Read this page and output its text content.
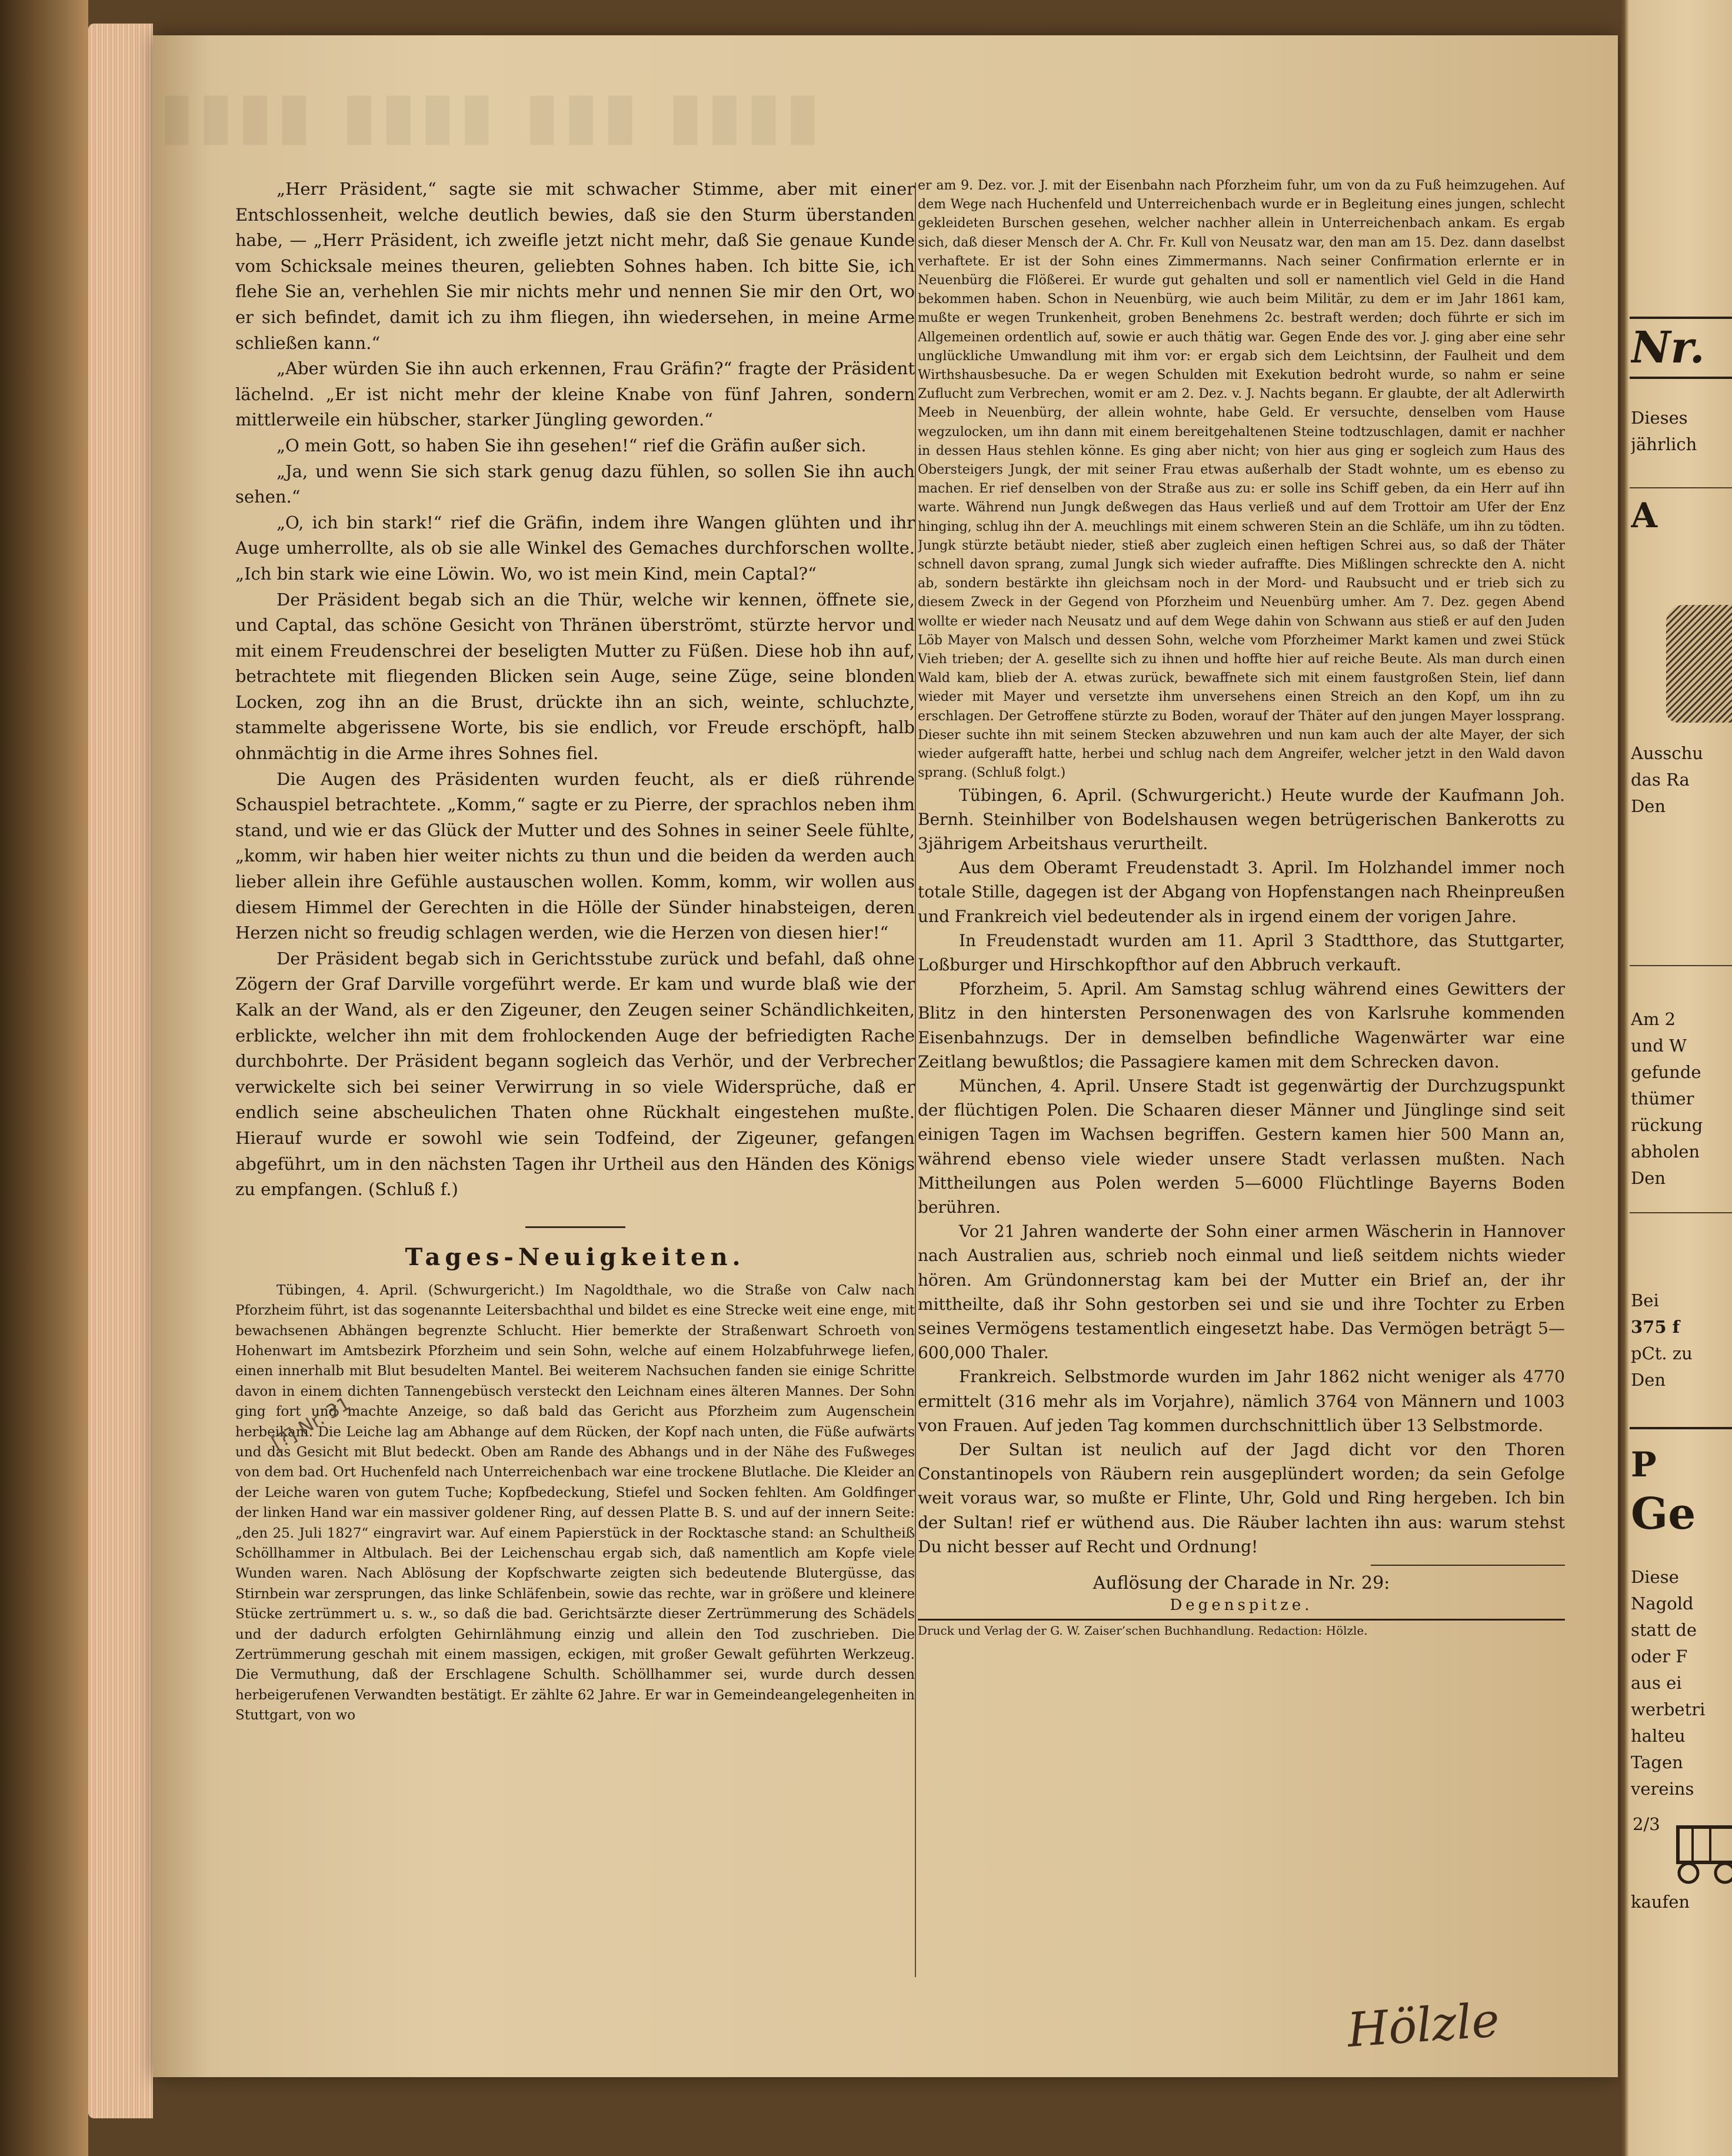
▮▮▮▮ ▮▮▮▮ ▮▮▮ ▮▮▮▮

„Herr Präsident,“ sagte sie mit schwacher Stimme, aber mit einer Entschlossenheit, welche deutlich bewies, daß sie den Sturm überstanden habe, — „Herr Präsident, ich zweifle jetzt nicht mehr, daß Sie genaue Kunde vom Schicksale meines theuren, geliebten Sohnes haben. Ich bitte Sie, ich flehe Sie an, verhehlen Sie mir nichts mehr und nennen Sie mir den Ort, wo er sich befindet, damit ich zu ihm fliegen, ihn wiedersehen, in meine Arme schließen kann.“

„Aber würden Sie ihn auch erkennen, Frau Gräfin?“ fragte der Präsident lächelnd. „Er ist nicht mehr der kleine Knabe von fünf Jahren, sondern mittlerweile ein hübscher, starker Jüngling geworden.“

„O mein Gott, so haben Sie ihn gesehen!“ rief die Gräfin außer sich.

„Ja, und wenn Sie sich stark genug dazu fühlen, so sollen Sie ihn auch sehen.“

„O, ich bin stark!“ rief die Gräfin, indem ihre Wangen glühten und ihr Auge umherrollte, als ob sie alle Winkel des Gemaches durchforschen wollte. „Ich bin stark wie eine Löwin. Wo, wo ist mein Kind, mein Captal?“

Der Präsident begab sich an die Thür, welche wir kennen, öffnete sie, und Captal, das schöne Gesicht von Thränen überströmt, stürzte hervor und mit einem Freudenschrei der beseligten Mutter zu Füßen. Diese hob ihn auf, betrachtete mit fliegenden Blicken sein Auge, seine Züge, seine blonden Locken, zog ihn an die Brust, drückte ihn an sich, weinte, schluchzte, stammelte abgerissene Worte, bis sie endlich, vor Freude erschöpft, halb ohnmächtig in die Arme ihres Sohnes fiel.

Die Augen des Präsidenten wurden feucht, als er dieß rührende Schauspiel betrachtete. „Komm,“ sagte er zu Pierre, der sprachlos neben ihm stand, und wie er das Glück der Mutter und des Sohnes in seiner Seele fühlte, „komm, wir haben hier weiter nichts zu thun und die beiden da werden auch lieber allein ihre Gefühle austauschen wollen. Komm, komm, wir wollen aus diesem Himmel der Gerechten in die Hölle der Sünder hinabsteigen, deren Herzen nicht so freudig schlagen werden, wie die Herzen von diesen hier!“

Der Präsident begab sich in Gerichtsstube zurück und befahl, daß ohne Zögern der Graf Darville vorgeführt werde. Er kam und wurde blaß wie der Kalk an der Wand, als er den Zigeuner, den Zeugen seiner Schändlichkeiten, erblickte, welcher ihn mit dem frohlockenden Auge der befriedigten Rache durchbohrte. Der Präsident begann sogleich das Verhör, und der Verbrecher verwickelte sich bei seiner Verwirrung in so viele Widersprüche, daß er endlich seine abscheulichen Thaten ohne Rückhalt eingestehen mußte. Hierauf wurde er sowohl wie sein Todfeind, der Zigeuner, gefangen abgeführt, um in den nächsten Tagen ihr Urtheil aus den Händen des Königs zu empfangen. (Schluß f.)

Tages-Neuigkeiten.

Tübingen, 4. April. (Schwurgericht.) Im Nagoldthale, wo die Straße von Calw nach Pforzheim führt, ist das sogenannte Leitersbachthal und bildet es eine Strecke weit eine enge, mit bewachsenen Abhängen begrenzte Schlucht. Hier bemerkte der Straßenwart Schroeth von Hohenwart im Amtsbezirk Pforzheim und sein Sohn, welche auf einem Holzabfuhrwege liefen, einen innerhalb mit Blut besudelten Mantel. Bei weiterem Nachsuchen fanden sie einige Schritte davon in einem dichten Tannengebüsch versteckt den Leichnam eines älteren Mannes. Der Sohn ging fort und machte Anzeige, so daß bald das Gericht aus Pforzheim zum Augenschein herbeikam. Die Leiche lag am Abhange auf dem Rücken, der Kopf nach unten, die Füße aufwärts und das Gesicht mit Blut bedeckt. Oben am Rande des Abhangs und in der Nähe des Fußweges von dem bad. Ort Huchenfeld nach Unterreichenbach war eine trockene Blutlache. Die Kleider an der Leiche waren von gutem Tuche; Kopfbedeckung, Stiefel und Socken fehlten. Am Goldfinger der linken Hand war ein massiver goldener Ring, auf dessen Platte B. S. und auf der innern Seite: „den 25. Juli 1827“ eingravirt war. Auf einem Papierstück in der Rocktasche stand: an Schultheiß Schöllhammer in Altbulach. Bei der Leichenschau ergab sich, daß namentlich am Kopfe viele Wunden waren. Nach Ablösung der Kopfschwarte zeigten sich bedeutende Blutergüsse, das Stirnbein war zersprungen, das linke Schläfenbein, sowie das rechte, war in größere und kleinere Stücke zertrümmert u. s. w., so daß die bad. Gerichtsärzte dieser Zertrümmerung des Schädels und der dadurch erfolgten Gehirnlähmung einzig und allein den Tod zuschrieben. Die Zertrümmerung geschah mit einem massigen, eckigen, mit großer Gewalt geführten Werkzeug. Die Vermuthung, daß der Erschlagene Schulth. Schöllhammer sei, wurde durch dessen herbeigerufenen Verwandten bestätigt. Er zählte 62 Jahre. Er war in Gemeindeangelegenheiten in Stuttgart, von wo

er am 9. Dez. vor. J. mit der Eisenbahn nach Pforzheim fuhr, um von da zu Fuß heimzugehen. Auf dem Wege nach Huchenfeld und Unterreichenbach wurde er in Begleitung eines jungen, schlecht gekleideten Burschen gesehen, welcher nachher allein in Unterreichenbach ankam. Es ergab sich, daß dieser Mensch der A. Chr. Fr. Kull von Neusatz war, den man am 15. Dez. dann daselbst verhaftete. Er ist der Sohn eines Zimmermanns. Nach seiner Confirmation erlernte er in Neuenbürg die Flößerei. Er wurde gut gehalten und soll er namentlich viel Geld in die Hand bekommen haben. Schon in Neuenbürg, wie auch beim Militär, zu dem er im Jahr 1861 kam, mußte er wegen Trunkenheit, groben Benehmens 2c. bestraft werden; doch führte er sich im Allgemeinen ordentlich auf, sowie er auch thätig war. Gegen Ende des vor. J. ging aber eine sehr unglückliche Umwandlung mit ihm vor: er ergab sich dem Leichtsinn, der Faulheit und dem Wirthshausbesuche. Da er wegen Schulden mit Exekution bedroht wurde, so nahm er seine Zuflucht zum Verbrechen, womit er am 2. Dez. v. J. Nachts begann. Er glaubte, der alt Adlerwirth Meeb in Neuenbürg, der allein wohnte, habe Geld. Er versuchte, denselben vom Hause wegzulocken, um ihn dann mit einem bereitgehaltenen Steine todtzuschlagen, damit er nachher in dessen Haus stehlen könne. Es ging aber nicht; von hier aus ging er sogleich zum Haus des Obersteigers Jungk, der mit seiner Frau etwas außerhalb der Stadt wohnte, um es ebenso zu machen. Er rief denselben von der Straße aus zu: er solle ins Schiff geben, da ein Herr auf ihn warte. Während nun Jungk deßwegen das Haus verließ und auf dem Trottoir am Ufer der Enz hinging, schlug ihn der A. meuchlings mit einem schweren Stein an die Schläfe, um ihn zu tödten. Jungk stürzte betäubt nieder, stieß aber zugleich einen heftigen Schrei aus, so daß der Thäter schnell davon sprang, zumal Jungk sich wieder aufraffte. Dies Mißlingen schreckte den A. nicht ab, sondern bestärkte ihn gleichsam noch in der Mord- und Raubsucht und er trieb sich zu diesem Zweck in der Gegend von Pforzheim und Neuenbürg umher. Am 7. Dez. gegen Abend wollte er wieder nach Neusatz und auf dem Wege dahin von Schwann aus stieß er auf den Juden Löb Mayer von Malsch und dessen Sohn, welche vom Pforzheimer Markt kamen und zwei Stück Vieh trieben; der A. gesellte sich zu ihnen und hoffte hier auf reiche Beute. Als man durch einen Wald kam, blieb der A. etwas zurück, bewaffnete sich mit einem faustgroßen Stein, lief dann wieder mit Mayer und versetzte ihm unversehens einen Streich an den Kopf, um ihn zu erschlagen. Der Getroffene stürzte zu Boden, worauf der Thäter auf den jungen Mayer lossprang. Dieser suchte ihn mit seinem Stecken abzuwehren und nun kam auch der alte Mayer, der sich wieder aufgerafft hatte, herbei und schlug nach dem Angreifer, welcher jetzt in den Wald davon sprang. (Schluß folgt.)

Tübingen, 6. April. (Schwurgericht.) Heute wurde der Kaufmann Joh. Bernh. Steinhilber von Bodelshausen wegen betrügerischen Bankerotts zu 3jährigem Arbeitshaus verurtheilt.

Aus dem Oberamt Freudenstadt 3. April. Im Holzhandel immer noch totale Stille, dagegen ist der Abgang von Hopfenstangen nach Rheinpreußen und Frankreich viel bedeutender als in irgend einem der vorigen Jahre.

In Freudenstadt wurden am 11. April 3 Stadtthore, das Stuttgarter, Loßburger und Hirschkopfthor auf den Abbruch verkauft.

Pforzheim, 5. April. Am Samstag schlug während eines Gewitters der Blitz in den hintersten Personenwagen des von Karlsruhe kommenden Eisenbahnzugs. Der in demselben befindliche Wagenwärter war eine Zeitlang bewußtlos; die Passagiere kamen mit dem Schrecken davon.

München, 4. April. Unsere Stadt ist gegenwärtig der Durchzugspunkt der flüchtigen Polen. Die Schaaren dieser Männer und Jünglinge sind seit einigen Tagen im Wachsen begriffen. Gestern kamen hier 500 Mann an, während ebenso viele wieder unsere Stadt verlassen mußten. Nach Mittheilungen aus Polen werden 5—6000 Flüchtlinge Bayerns Boden berühren.

Vor 21 Jahren wanderte der Sohn einer armen Wäscherin in Hannover nach Australien aus, schrieb noch einmal und ließ seitdem nichts wieder hören. Am Gründonnerstag kam bei der Mutter ein Brief an, der ihr mittheilte, daß ihr Sohn gestorben sei und sie und ihre Tochter zu Erben seines Vermögens testamentlich eingesetzt habe. Das Vermögen beträgt 5—600,000 Thaler.

Frankreich. Selbstmorde wurden im Jahr 1862 nicht weniger als 4770 ermittelt (316 mehr als im Vorjahre), nämlich 3764 von Männern und 1003 von Frauen. Auf jeden Tag kommen durchschnittlich über 13 Selbstmorde.

Der Sultan ist neulich auf der Jagd dicht vor den Thoren Constantinopels von Räubern rein ausgeplündert worden; da sein Gefolge weit voraus war, so mußte er Flinte, Uhr, Gold und Ring hergeben. Ich bin der Sultan! rief er wüthend aus. Die Räuber lachten ihn aus: warum stehst Du nicht besser auf Recht und Ordnung!

Auflösung der Charade in Nr. 29:

Degenspitze.

Druck und Verlag der G. W. Zaiser’schen Buchhandlung. Redaction: Hölzle.

[?] Nr. 31
Hölzle
Nr.
Dieses
jährlich
A
Ausschu
das Ra
Den
Am 2
und W
gefunde
thümer
rückung
abholen
Den
Bei
375 f
pCt. zu
Den
P
Ge
Diese
Nagold
statt de
oder F
aus ei
werbetri
halteu
Tagen
vereins
2/3
kaufen
